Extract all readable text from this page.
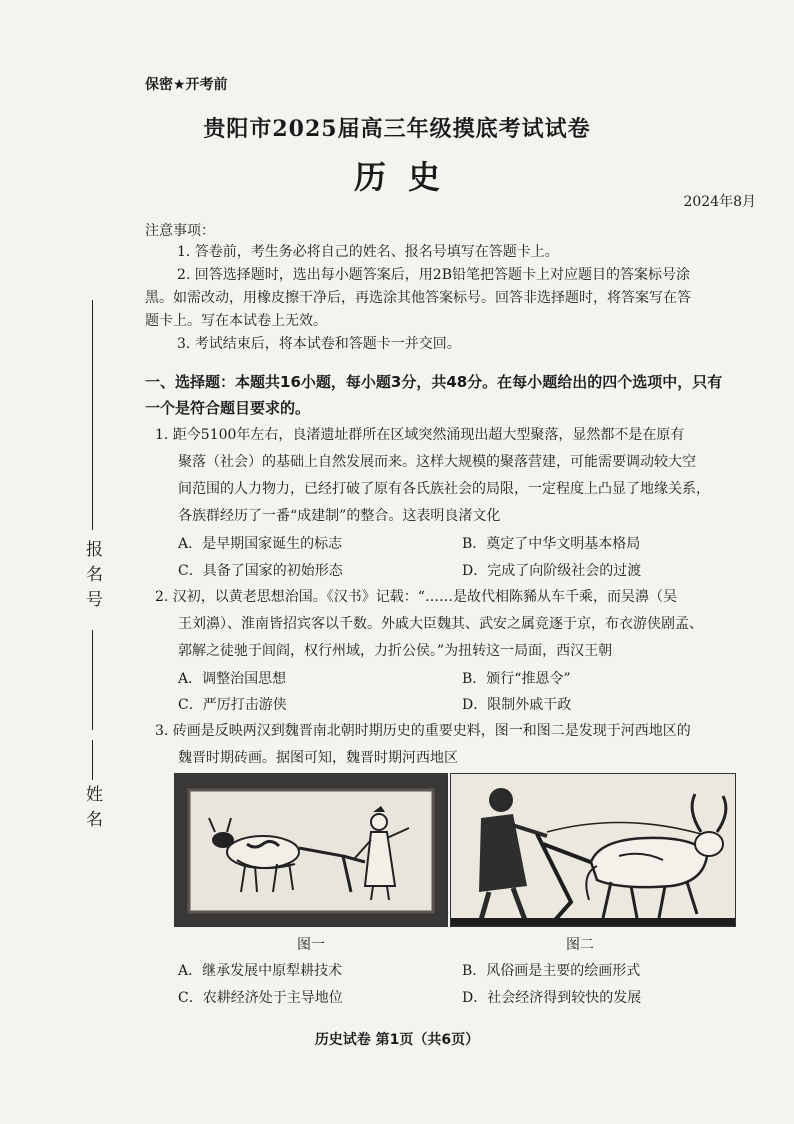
保密★开考前
贵阳市2025届高三年级摸底考试试卷
历史
2024年8月
注意事项：
1. 答卷前，考生务必将自己的姓名、报名号填写在答题卡上。
2. 回答选择题时，选出每小题答案后，用2B铅笔把答题卡上对应题目的答案标号涂
黑。如需改动，用橡皮擦干净后，再选涂其他答案标号。回答非选择题时，将答案写在答
题卡上。写在本试卷上无效。
3. 考试结束后，将本试卷和答题卡一并交回。
一、选择题：本题共16小题，每小题3分，共48分。在每小题给出的四个选项中，只有
一个是符合题目要求的。
1. 距今5100年左右，良渚遗址群所在区域突然涌现出超大型聚落，显然都不是在原有
聚落（社会）的基础上自然发展而来。这样大规模的聚落营建，可能需要调动较大空
间范围的人力物力，已经打破了原有各氏族社会的局限，一定程度上凸显了地缘关系，
各族群经历了一番“成建制”的整合。这表明良渚文化
A．是早期国家诞生的标志	B．奠定了中华文明基本格局
C．具备了国家的初始形态	D．完成了向阶级社会的过渡
2. 汉初，以黄老思想治国。《汉书》记载：“……是故代相陈豨从车千乘，而吴濞（吴
王刘濞）、淮南皆招宾客以千数。外戚大臣魏其、武安之属竞逐于京，布衣游侠剧孟、
郭解之徒驰于闾阎，权行州域，力折公侯。”为扭转这一局面，西汉王朝
A．调整治国思想	B．颁行“推恩令”
C．严厉打击游侠	D．限制外戚干政
3. 砖画是反映两汉到魏晋南北朝时期历史的重要史料，图一和图二是发现于河西地区的
魏晋时期砖画。据图可知，魏晋时期河西地区
图一	图二
A．继承发展中原犁耕技术	B．风俗画是主要的绘画形式
C．农耕经济处于主导地位	D．社会经济得到较快的发展
报名号
姓名
历史试卷 第1页（共6页）
